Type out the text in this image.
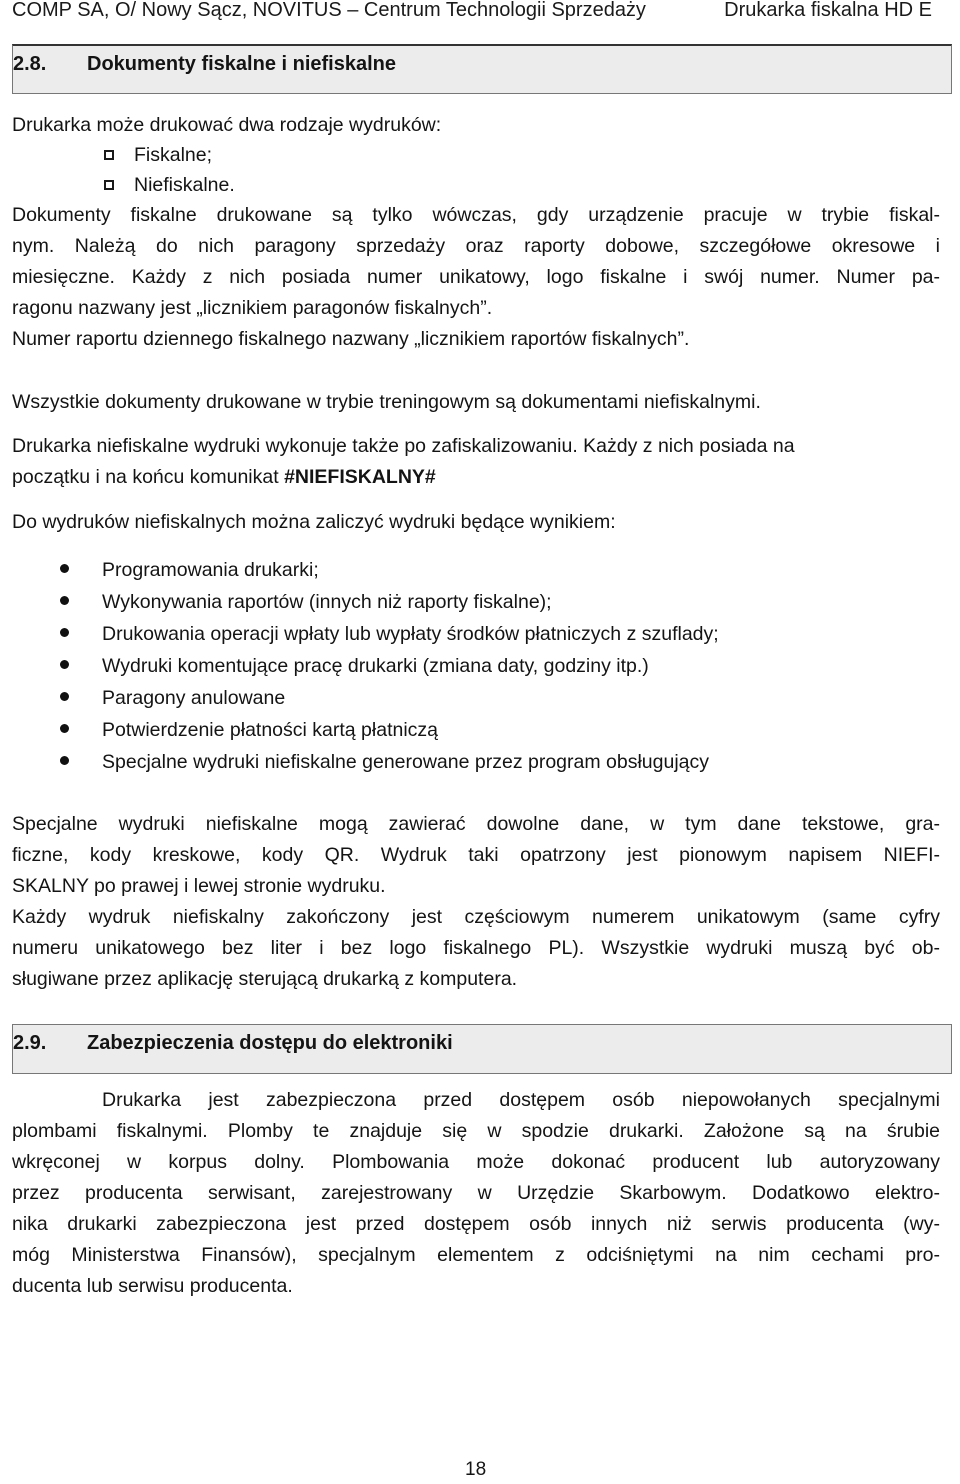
COMP SA, O/ Nowy Sącz, NOVITUS – Centrum Technologii Sprzedaży	Drukarka fiskalna HD E
2.8. Dokumenty fiskalne i niefiskalne
Drukarka może drukować dwa rodzaje wydruków:
Fiskalne;
Niefiskalne.
Dokumenty fiskalne drukowane są tylko wówczas, gdy urządzenie pracuje w trybie fiskal-
nym. Należą do nich paragony sprzedaży oraz raporty dobowe, szczegółowe okresowe i
miesięczne. Każdy z nich posiada numer unikatowy, logo fiskalne i swój numer. Numer pa-
ragonu nazwany jest „licznikiem paragonów fiskalnych”.
Numer raportu dziennego fiskalnego nazwany „licznikiem raportów fiskalnych”.
Wszystkie dokumenty drukowane w trybie treningowym są dokumentami niefiskalnymi.
Drukarka niefiskalne wydruki wykonuje także po zafiskalizowaniu. Każdy z nich posiada na
początku i na końcu komunikat #NIEFISKALNY#
Do wydruków niefiskalnych można zaliczyć wydruki będące wynikiem:
Programowania drukarki;
Wykonywania raportów (innych niż raporty fiskalne);
Drukowania operacji wpłaty lub wypłaty środków płatniczych z szuflady;
Wydruki komentujące pracę drukarki (zmiana daty, godziny itp.)
Paragony anulowane
Potwierdzenie płatności kartą płatniczą
Specjalne wydruki niefiskalne generowane przez program obsługujący
Specjalne wydruki niefiskalne mogą zawierać dowolne dane, w tym dane tekstowe, gra-
ficzne, kody kreskowe, kody QR. Wydruk taki opatrzony jest pionowym napisem NIEFI-
SKALNY po prawej i lewej stronie wydruku.
Każdy wydruk niefiskalny zakończony jest częściowym numerem unikatowym (same cyfry
numeru unikatowego bez liter i bez logo fiskalnego PL). Wszystkie wydruki muszą być ob-
sługiwane przez aplikację sterującą drukarką z komputera.
2.9. Zabezpieczenia dostępu do elektroniki
Drukarka jest zabezpieczona przed dostępem osób niepowołanych specjalnymi
plombami fiskalnymi. Plomby te znajduje się w spodzie drukarki. Założone są na śrubie
wkręconej w korpus dolny. Plombowania może dokonać producent lub autoryzowany
przez producenta serwisant, zarejestrowany w Urzędzie Skarbowym. Dodatkowo elektro-
nika drukarki zabezpieczona jest przed dostępem osób innych niż serwis producenta (wy-
móg Ministerstwa Finansów), specjalnym elementem z odciśniętymi na nim cechami pro-
ducenta lub serwisu producenta.
18
